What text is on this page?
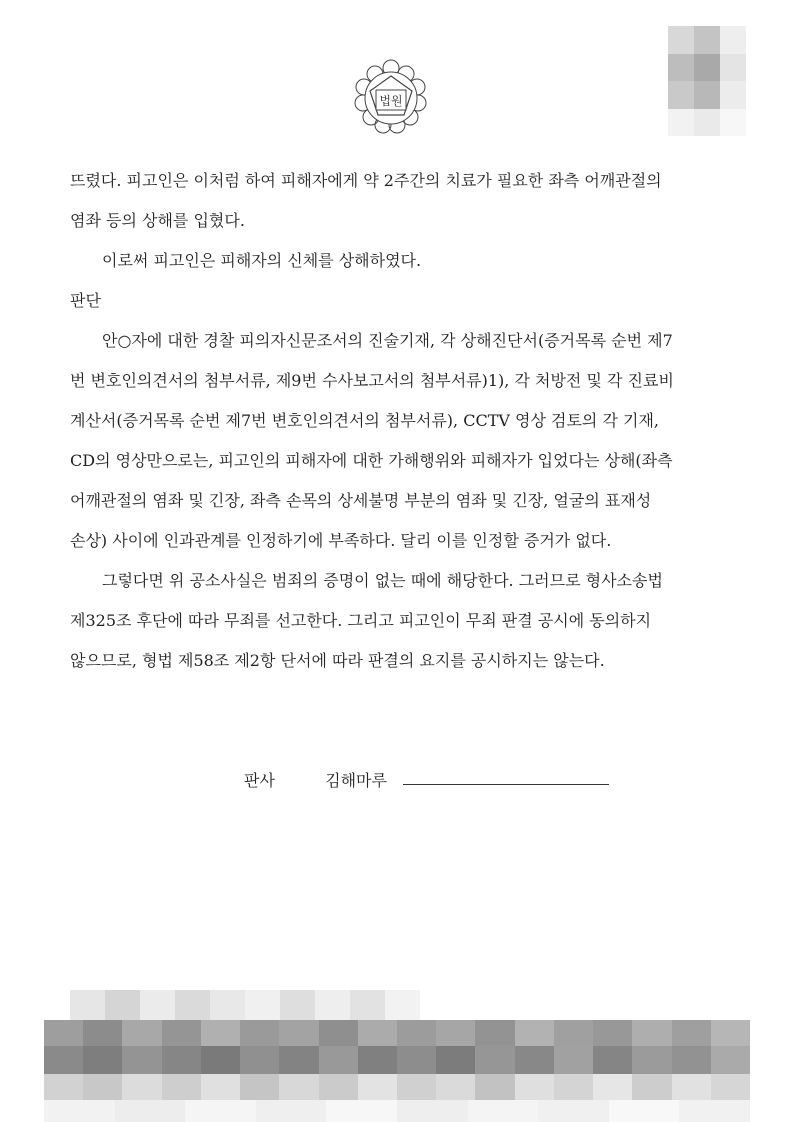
법원
뜨렸다. 피고인은 이처럼 하여 피해자에게 약 2주간의 치료가 필요한 좌측 어깨관절의
염좌 등의 상해를 입혔다.
이로써 피고인은 피해자의 신체를 상해하였다.
판단
안○자에 대한 경찰 피의자신문조서의 진술기재, 각 상해진단서(증거목록 순번 제7
번 변호인의견서의 첨부서류, 제9번 수사보고서의 첨부서류)1), 각 처방전 및 각 진료비
계산서(증거목록 순번 제7번 변호인의견서의 첨부서류), CCTV 영상 검토의 각 기재,
CD의 영상만으로는, 피고인의 피해자에 대한 가해행위와 피해자가 입었다는 상해(좌측
어깨관절의 염좌 및 긴장, 좌측 손목의 상세불명 부분의 염좌 및 긴장, 얼굴의 표재성
손상) 사이에 인과관계를 인정하기에 부족하다. 달리 이를 인정할 증거가 없다.
그렇다면 위 공소사실은 범죄의 증명이 없는 때에 해당한다. 그러므로 형사소송법
제325조 후단에 따라 무죄를 선고한다. 그리고 피고인이 무죄 판결 공시에 동의하지
않으므로, 형법 제58조 제2항 단서에 따라 판결의 요지를 공시하지는 않는다.
판사	김해마루
